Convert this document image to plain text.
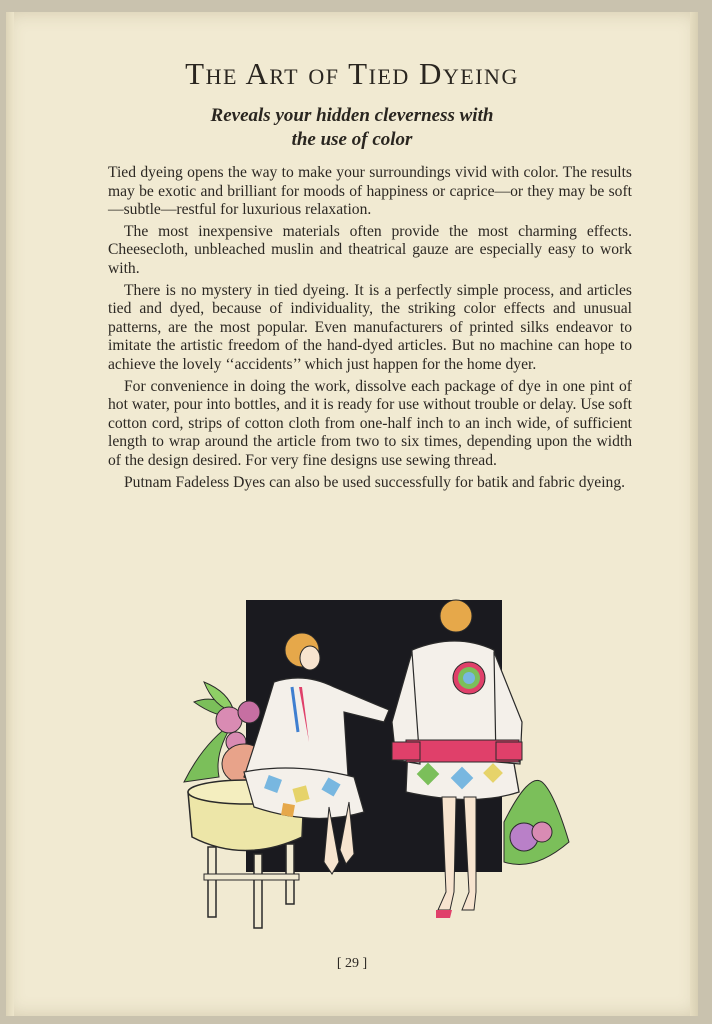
The Art of Tied Dyeing
Reveals your hidden cleverness with
the use of color

Tied dyeing opens the way to make your surroundings vivid with color. The results may be exotic and brilliant for moods of happiness or caprice—or they may be soft—subtle—restful for luxurious relaxation.

The most inexpensive materials often provide the most charming effects. Cheesecloth, unbleached muslin and theatrical gauze are especially easy to work with.

There is no mystery in tied dyeing. It is a perfectly simple process, and articles tied and dyed, because of individuality, the striking color effects and unusual patterns, are the most popular. Even manufacturers of printed silks endeavor to imitate the artistic freedom of the hand-dyed articles. But no machine can hope to achieve the lovely ‘‘accidents’’ which just happen for the home dyer.

For convenience in doing the work, dissolve each package of dye in one pint of hot water, pour into bottles, and it is ready for use without trouble or delay. Use soft cotton cord, strips of cotton cloth from one-half inch to an inch wide, of sufficient length to wrap around the article from two to six times, depending upon the width of the design desired. For very fine designs use sewing thread.

Putnam Fadeless Dyes can also be used successfully for batik and fabric dyeing.

[ 29 ]
